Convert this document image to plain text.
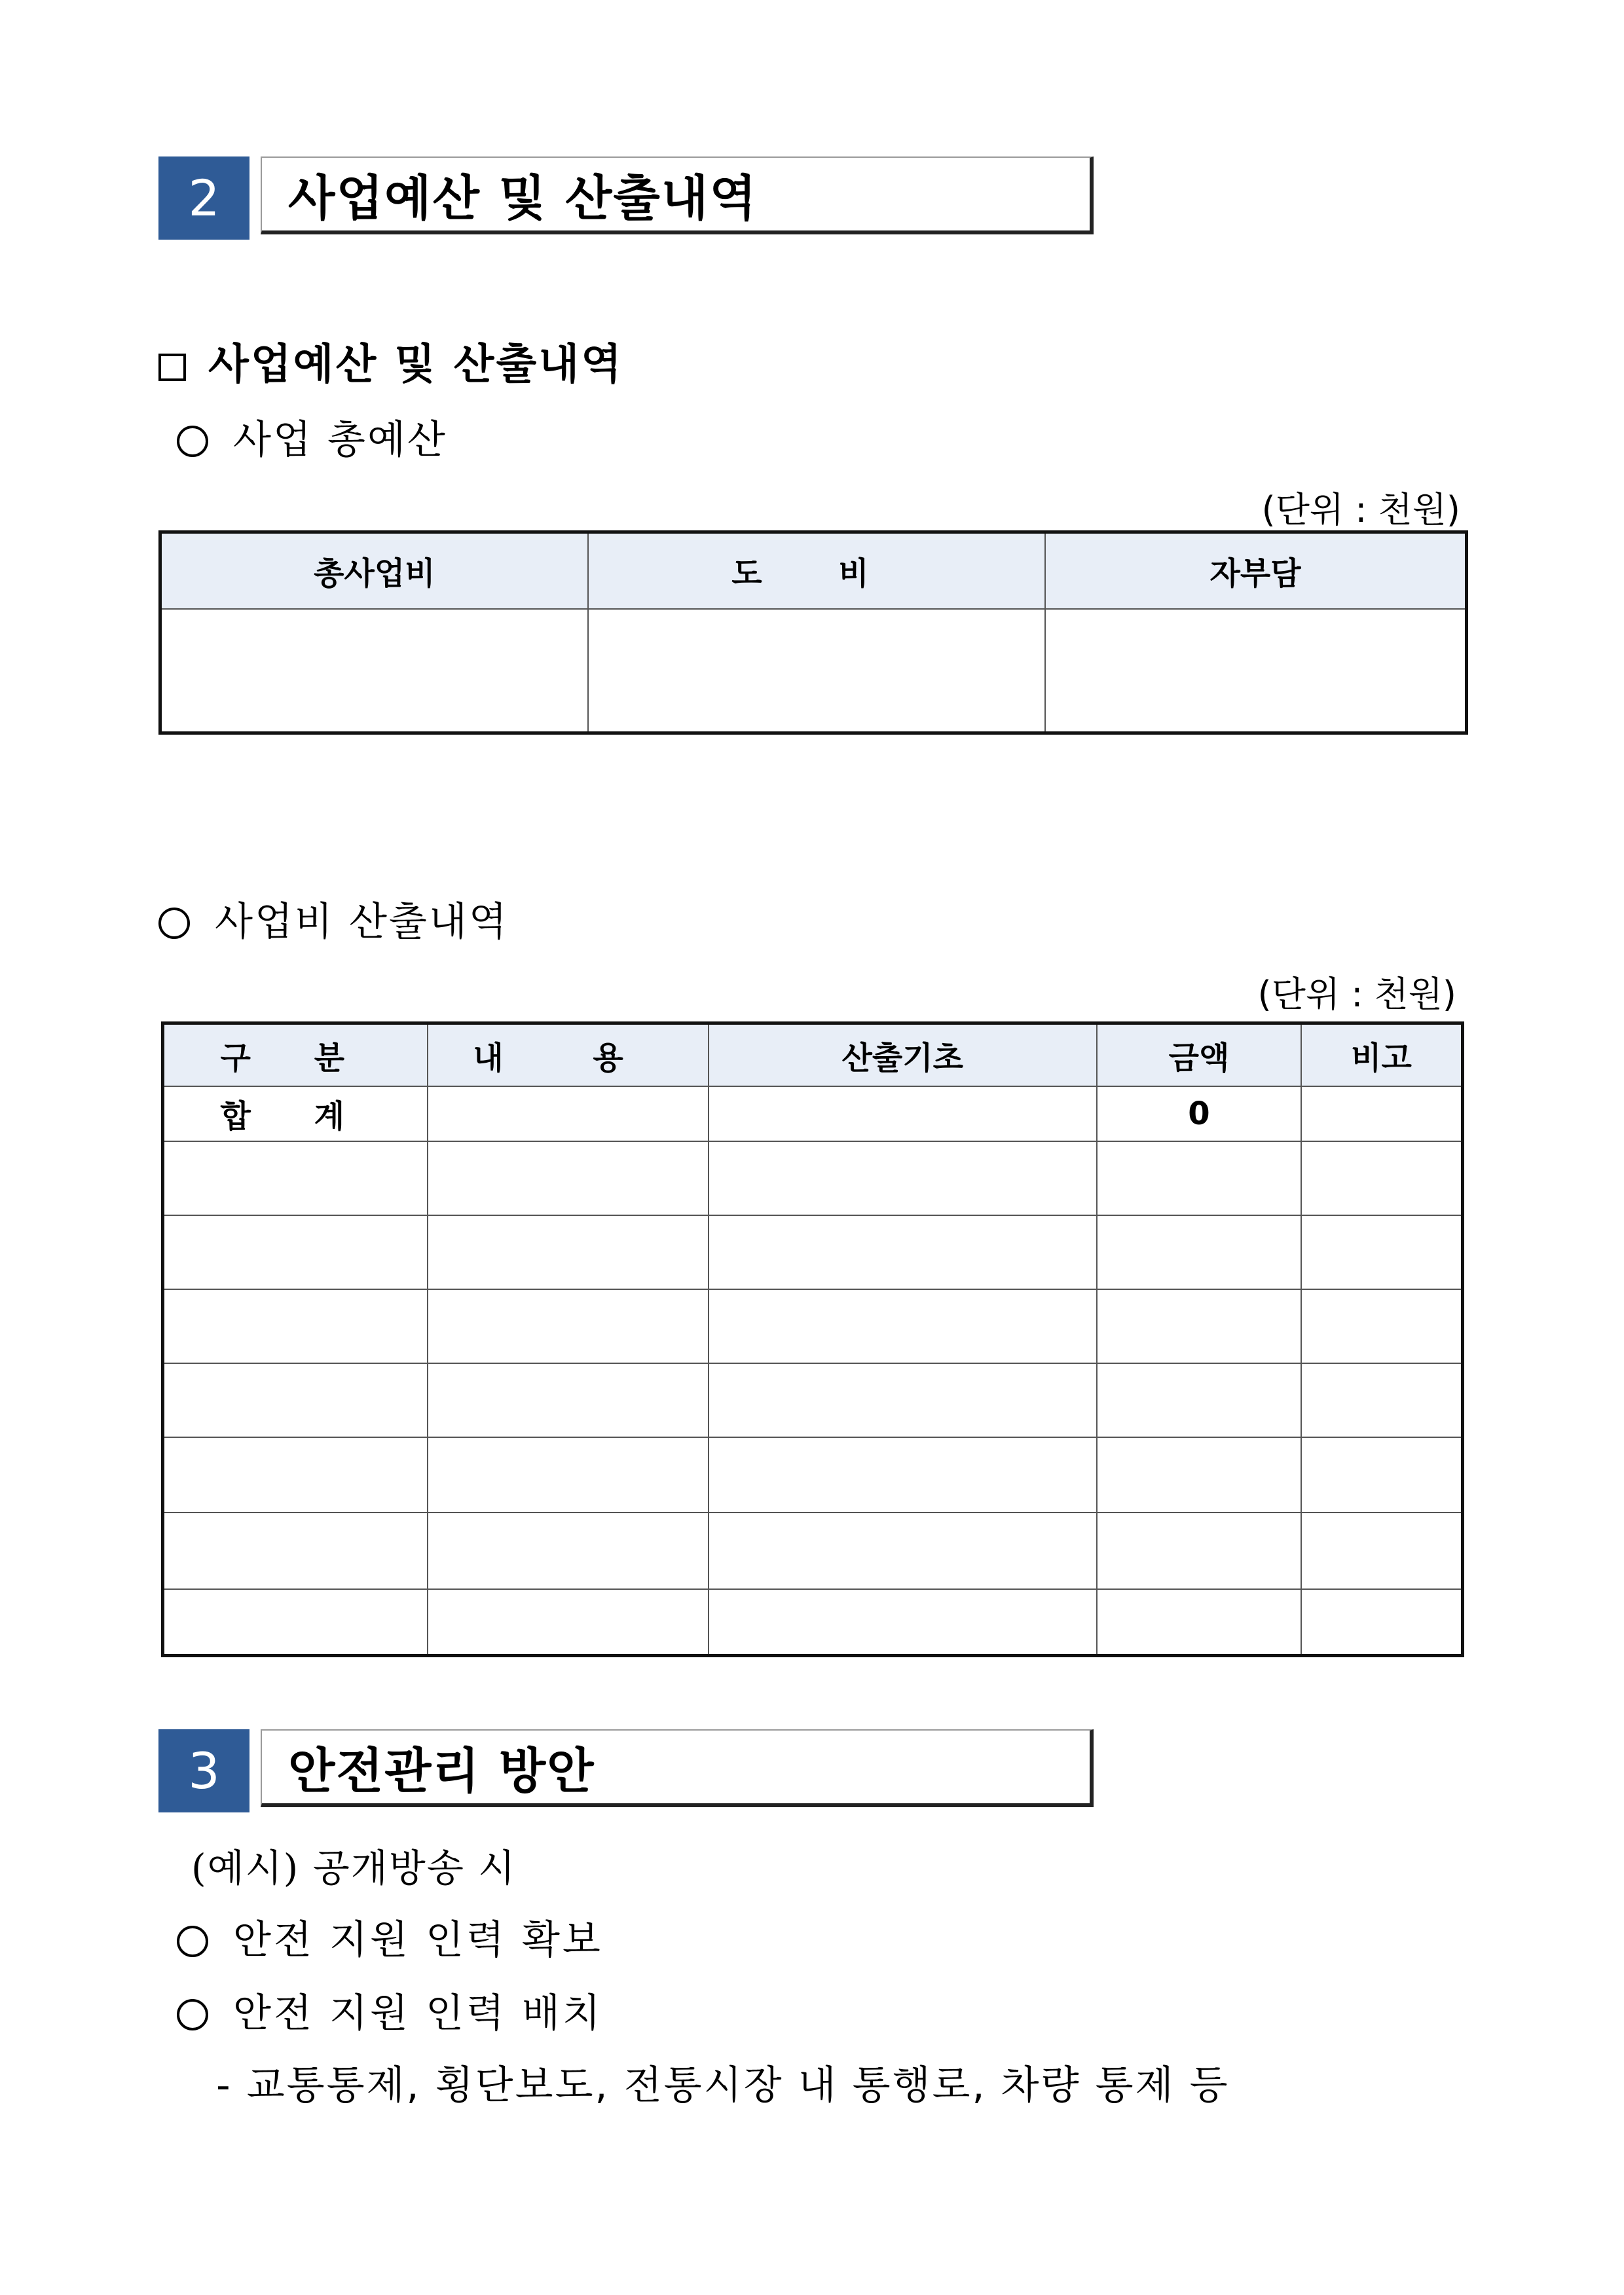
2 사업예산 및 산출내역
사업예산 및 산출내역
사업 총예산
(단위 : 천원)
총사업비	도 비	자부담

사업비 산출내역
(단위 : 천원)
구 분	내 용	산출기초	금액	비고
합 계			0	

3 안전관리 방안
(예시) 공개방송 시
안전 지원 인력 확보
안전 지원 인력 배치
- 교통통제, 횡단보도, 전통시장 내 통행로, 차량 통제 등
